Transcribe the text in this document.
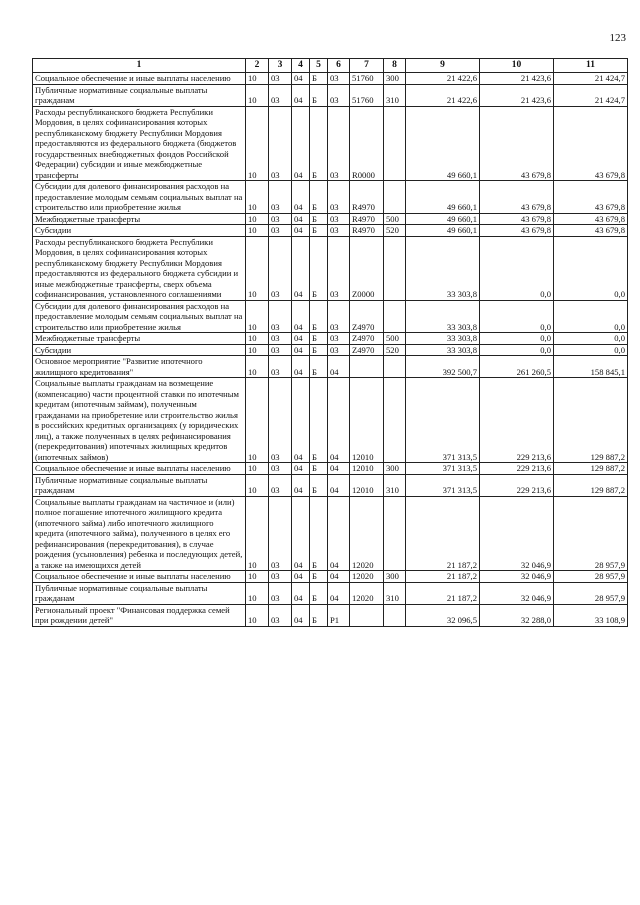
123
1	2	3	4	5	6	7	8	9	10	11
Социальное обеспечение и иные выплаты населению	10	03	04	Б	03	51760	300	21 422,6	21 423,6	21 424,7
Публичные нормативные социальные выплаты гражданам	10	03	04	Б	03	51760	310	21 422,6	21 423,6	21 424,7
Расходы республиканского бюджета Республики Мордовия, в целях софинансирования которых республиканскому бюджету Республики Мордовия предоставляются из федерального бюджета (бюджетов государственных внебюджетных фондов Российской Федерации) субсидии и иные межбюджетные трансферты	10	03	04	Б	03	R0000		49 660,1	43 679,8	43 679,8
Субсидии для долевого финансирования расходов на предоставление молодым семьям социальных выплат на строительство или приобретение жилья	10	03	04	Б	03	R4970		49 660,1	43 679,8	43 679,8
Межбюджетные трансферты	10	03	04	Б	03	R4970	500	49 660,1	43 679,8	43 679,8
Субсидии	10	03	04	Б	03	R4970	520	49 660,1	43 679,8	43 679,8
Расходы республиканского бюджета Республики Мордовия, в целях софинансирования которых республиканскому бюджету Республики Мордовия предоставляются из федерального бюджета субсидии и иные межбюджетные трансферты, сверх объема софинансирования, установленного соглашениями	10	03	04	Б	03	Z0000		33 303,8	0,0	0,0
Субсидии для долевого финансирования расходов на предоставление молодым семьям социальных выплат на строительство или приобретение жилья	10	03	04	Б	03	Z4970		33 303,8	0,0	0,0
Межбюджетные трансферты	10	03	04	Б	03	Z4970	500	33 303,8	0,0	0,0
Субсидии	10	03	04	Б	03	Z4970	520	33 303,8	0,0	0,0
Основное мероприятие "Развитие ипотечного жилищного кредитования"	10	03	04	Б	04			392 500,7	261 260,5	158 845,1
Социальные выплаты гражданам на возмещение (компенсацию) части процентной ставки по ипотечным кредитам (ипотечным займам), полученным гражданами на приобретение или строительство жилья в российских кредитных организациях (у юридических лиц), а также полученных в целях рефинансирования (перекредитования) ипотечных жилищных кредитов (ипотечных займов)	10	03	04	Б	04	12010		371 313,5	229 213,6	129 887,2
Социальное обеспечение и иные выплаты населению	10	03	04	Б	04	12010	300	371 313,5	229 213,6	129 887,2
Публичные нормативные социальные выплаты гражданам	10	03	04	Б	04	12010	310	371 313,5	229 213,6	129 887,2
Социальные выплаты гражданам на частичное и (или) полное погашение ипотечного жилищного кредита (ипотечного займа) либо ипотечного жилищного кредита (ипотечного займа), полученного в целях его рефинансирования (перекредитования), в случае рождения (усыновления) ребенка и последующих детей, а также на имеющихся детей	10	03	04	Б	04	12020		21 187,2	32 046,9	28 957,9
Социальное обеспечение и иные выплаты населению	10	03	04	Б	04	12020	300	21 187,2	32 046,9	28 957,9
Публичные нормативные социальные выплаты гражданам	10	03	04	Б	04	12020	310	21 187,2	32 046,9	28 957,9
Региональный проект "Финансовая поддержка семей при рождении детей"	10	03	04	Б	P1			32 096,5	32 288,0	33 108,9
